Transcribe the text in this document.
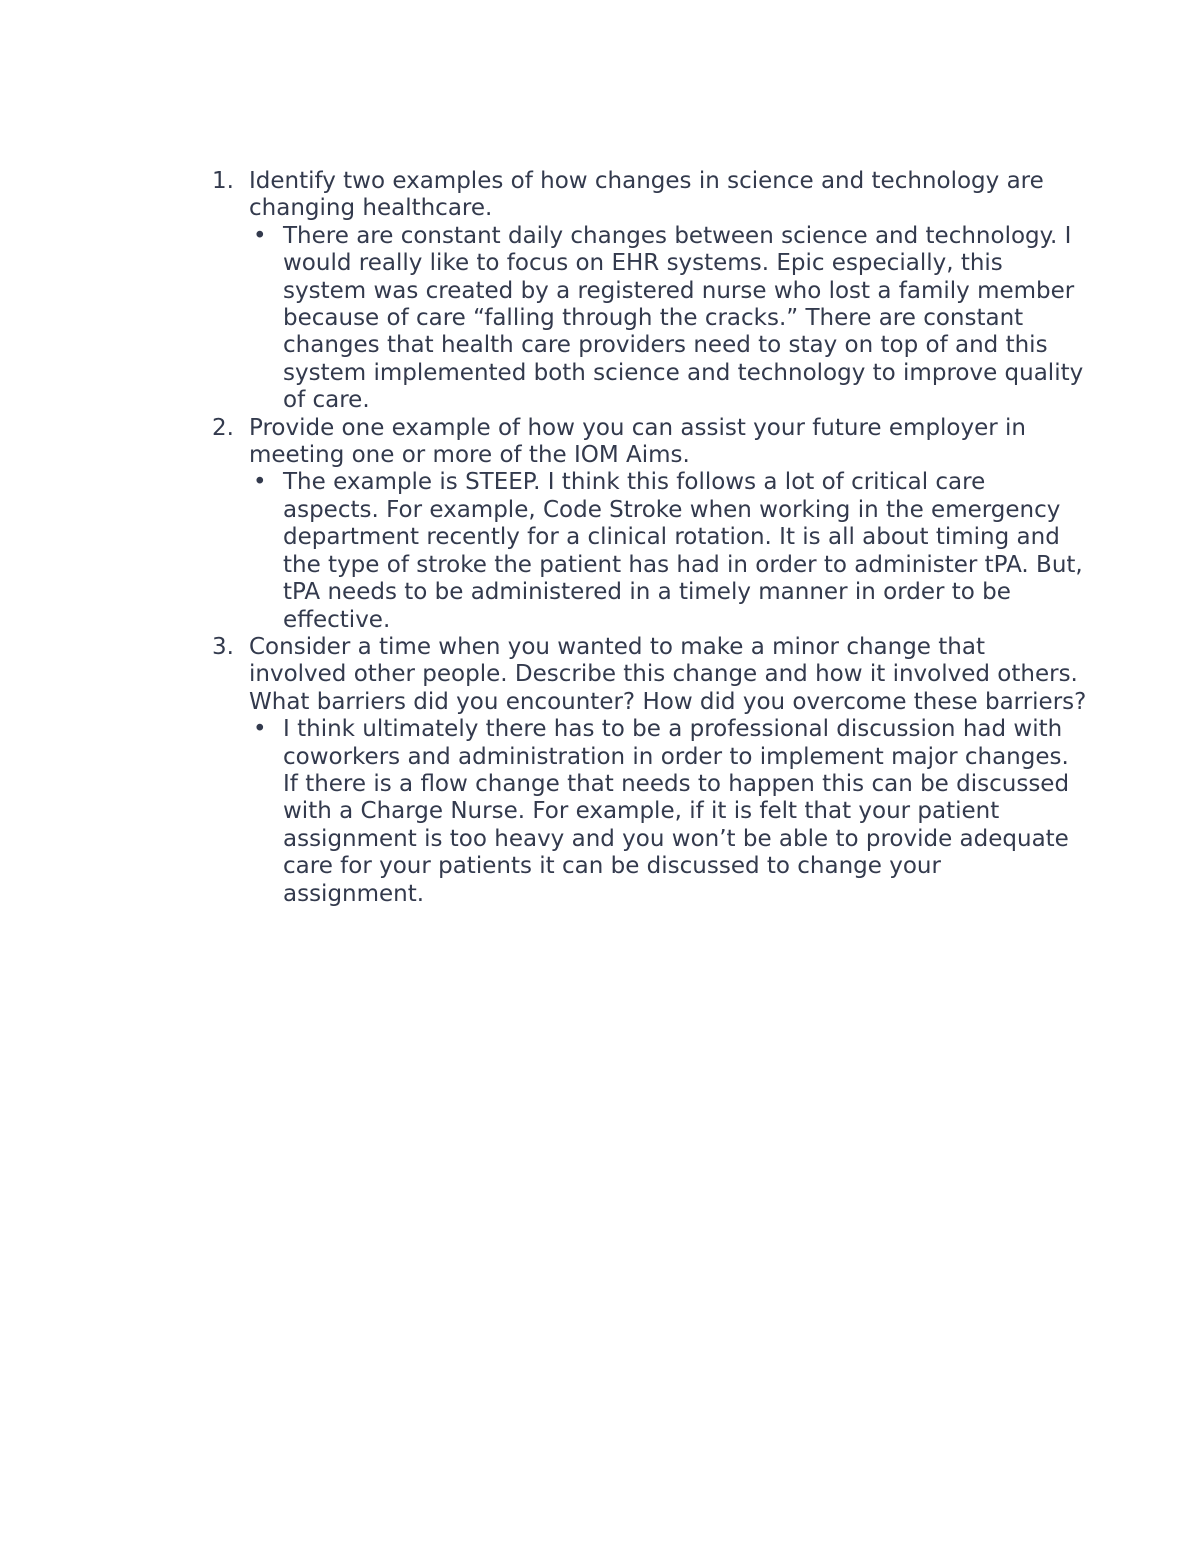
1. Identify two examples of how changes in science and technology are changing healthcare.
• There are constant daily changes between science and technology. I would really like to focus on EHR systems. Epic especially, this system was created by a registered nurse who lost a family member because of care “falling through the cracks.” There are constant changes that health care providers need to stay on top of and this system implemented both science and technology to improve quality of care.
2. Provide one example of how you can assist your future employer in meeting one or more of the IOM Aims.
• The example is STEEP. I think this follows a lot of critical care aspects. For example, Code Stroke when working in the emergency department recently for a clinical rotation. It is all about timing and the type of stroke the patient has had in order to administer tPA. But, tPA needs to be administered in a timely manner in order to be effective.
3. Consider a time when you wanted to make a minor change that involved other people. Describe this change and how it involved others. What barriers did you encounter? How did you overcome these barriers?
• I think ultimately there has to be a professional discussion had with coworkers and administration in order to implement major changes. If there is a flow change that needs to happen this can be discussed with a Charge Nurse. For example, if it is felt that your patient assignment is too heavy and you won’t be able to provide adequate care for your patients it can be discussed to change your assignment.
